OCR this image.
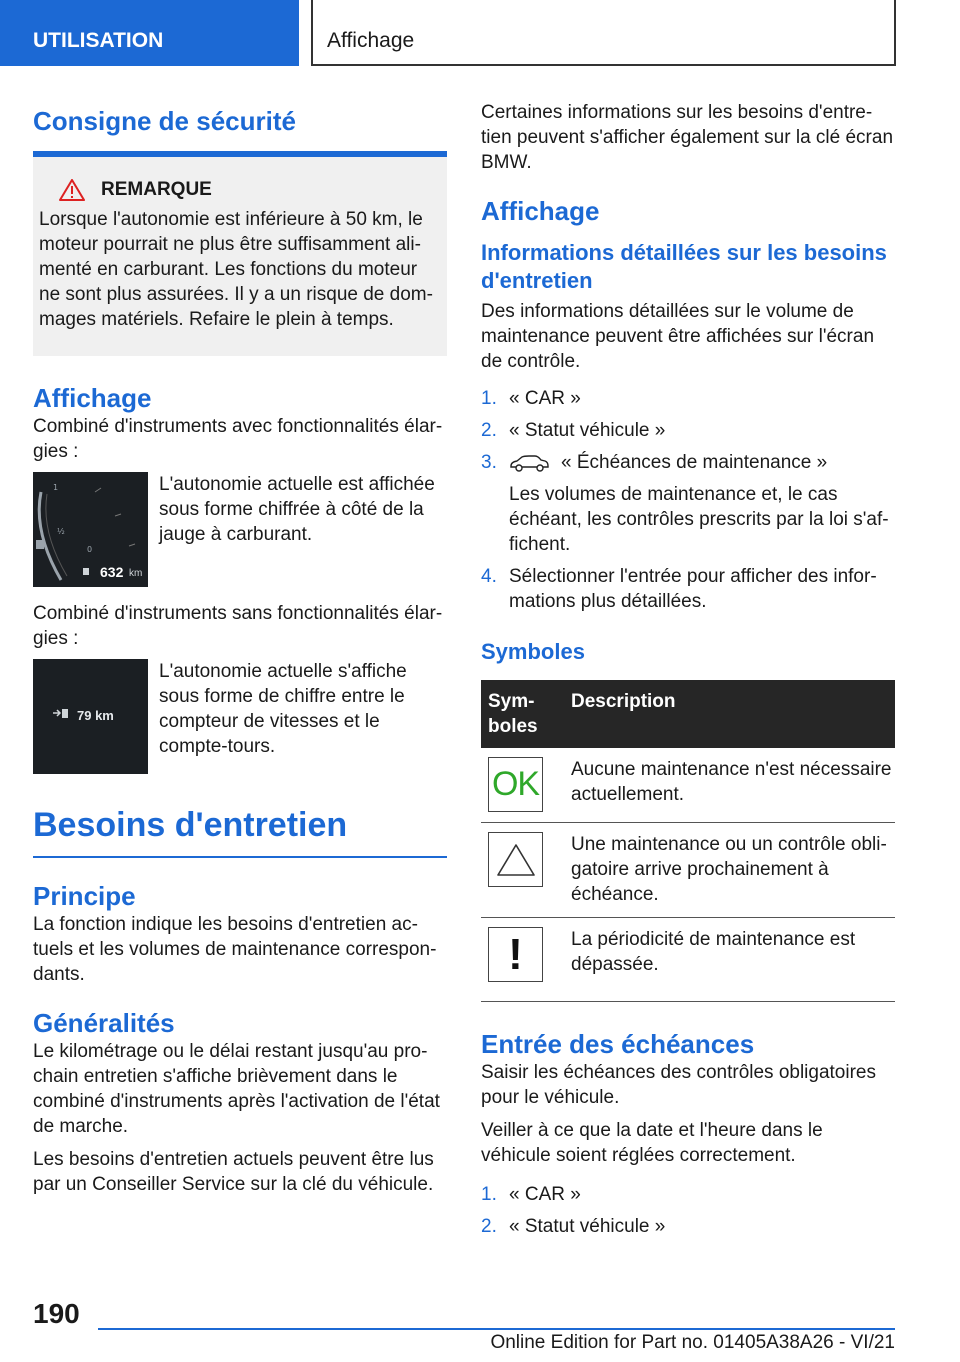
UTILISATION	Affichage
Consigne de sécurité
REMARQUE

Lorsque l'autonomie est inférieure à 50 km, le moteur pourrait ne plus être suffisamment alimenté en carburant. Les fonctions du moteur ne sont plus assurées. Il y a un risque de dommages matériels. Refaire le plein à temps.

Affichage

Combiné d'instruments avec fonctionnalités élargies :

1
½
0
632 km
L'autonomie actuelle est affichée sous forme chiffrée à côté de la jauge à carburant.

Combiné d'instruments sans fonctionnalités élargies :

79 km
L'autonomie actuelle s'affiche sous forme de chiffre entre le compteur de vitesses et le compte-tours.
Besoins d'entretien
Principe

La fonction indique les besoins d'entretien actuels et les volumes de maintenance correspondants.

Généralités

Le kilométrage ou le délai restant jusqu'au prochain entretien s'affiche brièvement dans le combiné d'instruments après l'activation de l'état de marche.

Les besoins d'entretien actuels peuvent être lus par un Conseiller Service sur la clé du véhicule.

Certaines informations sur les besoins d'entretien peuvent s'afficher également sur la clé écran BMW.

Affichage
Informations détaillées sur les besoins d'entretien

Des informations détaillées sur le volume de maintenance peuvent être affichées sur l'écran de contrôle.

1. « CAR »
2. « Statut véhicule »
3.	« Échéances de maintenance »
Les volumes de maintenance et, le cas échéant, les contrôles prescrits par la loi s'affichent.
4. Sélectionner l'entrée pour afficher des informations plus détaillées.
Symboles
Symboles	Description

OK	Aucune maintenance n'est nécessaire actuellement.

	Une maintenance ou un contrôle obligatoire arrive prochainement à échéance.

!	La périodicité de maintenance est dépassée.
Entrée des échéances

Saisir les échéances des contrôles obligatoires pour le véhicule.

Veiller à ce que la date et l'heure dans le véhicule soient réglées correctement.

1. « CAR »
2. « Statut véhicule »
190
Online Edition for Part no. 01405A38A26 - VI/21
